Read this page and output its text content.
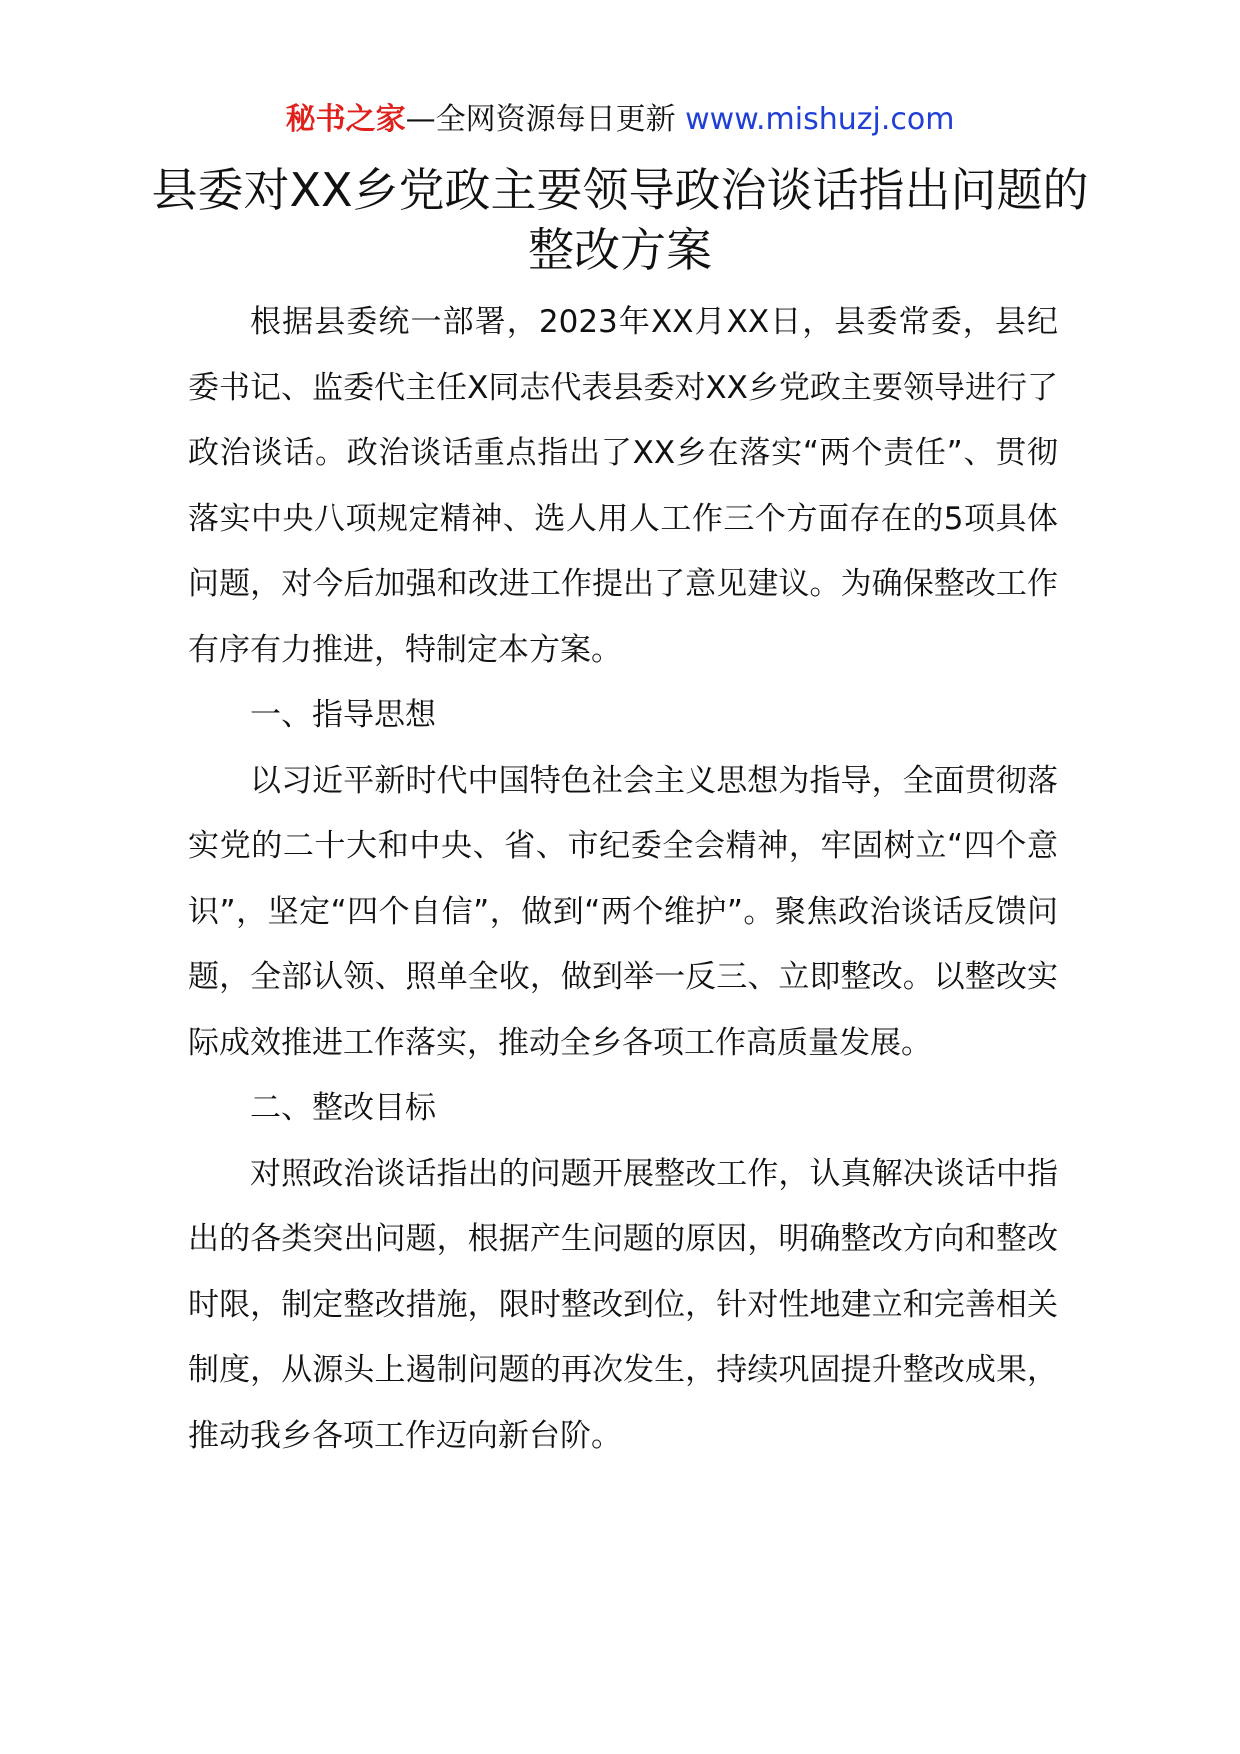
秘书之家—全网资源每日更新 www.mishuzj.com
县委对XX乡党政主要领导政治谈话指出问题的整改方案

根据县委统一部署，2023年XX月XX日，县委常委，县纪委书记、监委代主任X同志代表县委对XX乡党政主要领导进行了政治谈话。政治谈话重点指出了XX乡在落实“两个责任”、贯彻落实中央八项规定精神、选人用人工作三个方面存在的5项具体问题，对今后加强和改进工作提出了意见建议。为确保整改工作有序有力推进，特制定本方案。

一、指导思想

以习近平新时代中国特色社会主义思想为指导，全面贯彻落实党的二十大和中央、省、市纪委全会精神，牢固树立“四个意识”，坚定“四个自信”，做到“两个维护”。聚焦政治谈话反馈问题，全部认领、照单全收，做到举一反三、立即整改。以整改实际成效推进工作落实，推动全乡各项工作高质量发展。

二、整改目标

对照政治谈话指出的问题开展整改工作，认真解决谈话中指出的各类突出问题，根据产生问题的原因，明确整改方向和整改时限，制定整改措施，限时整改到位，针对性地建立和完善相关制度，从源头上遏制问题的再次发生，持续巩固提升整改成果，推动我乡各项工作迈向新台阶。
